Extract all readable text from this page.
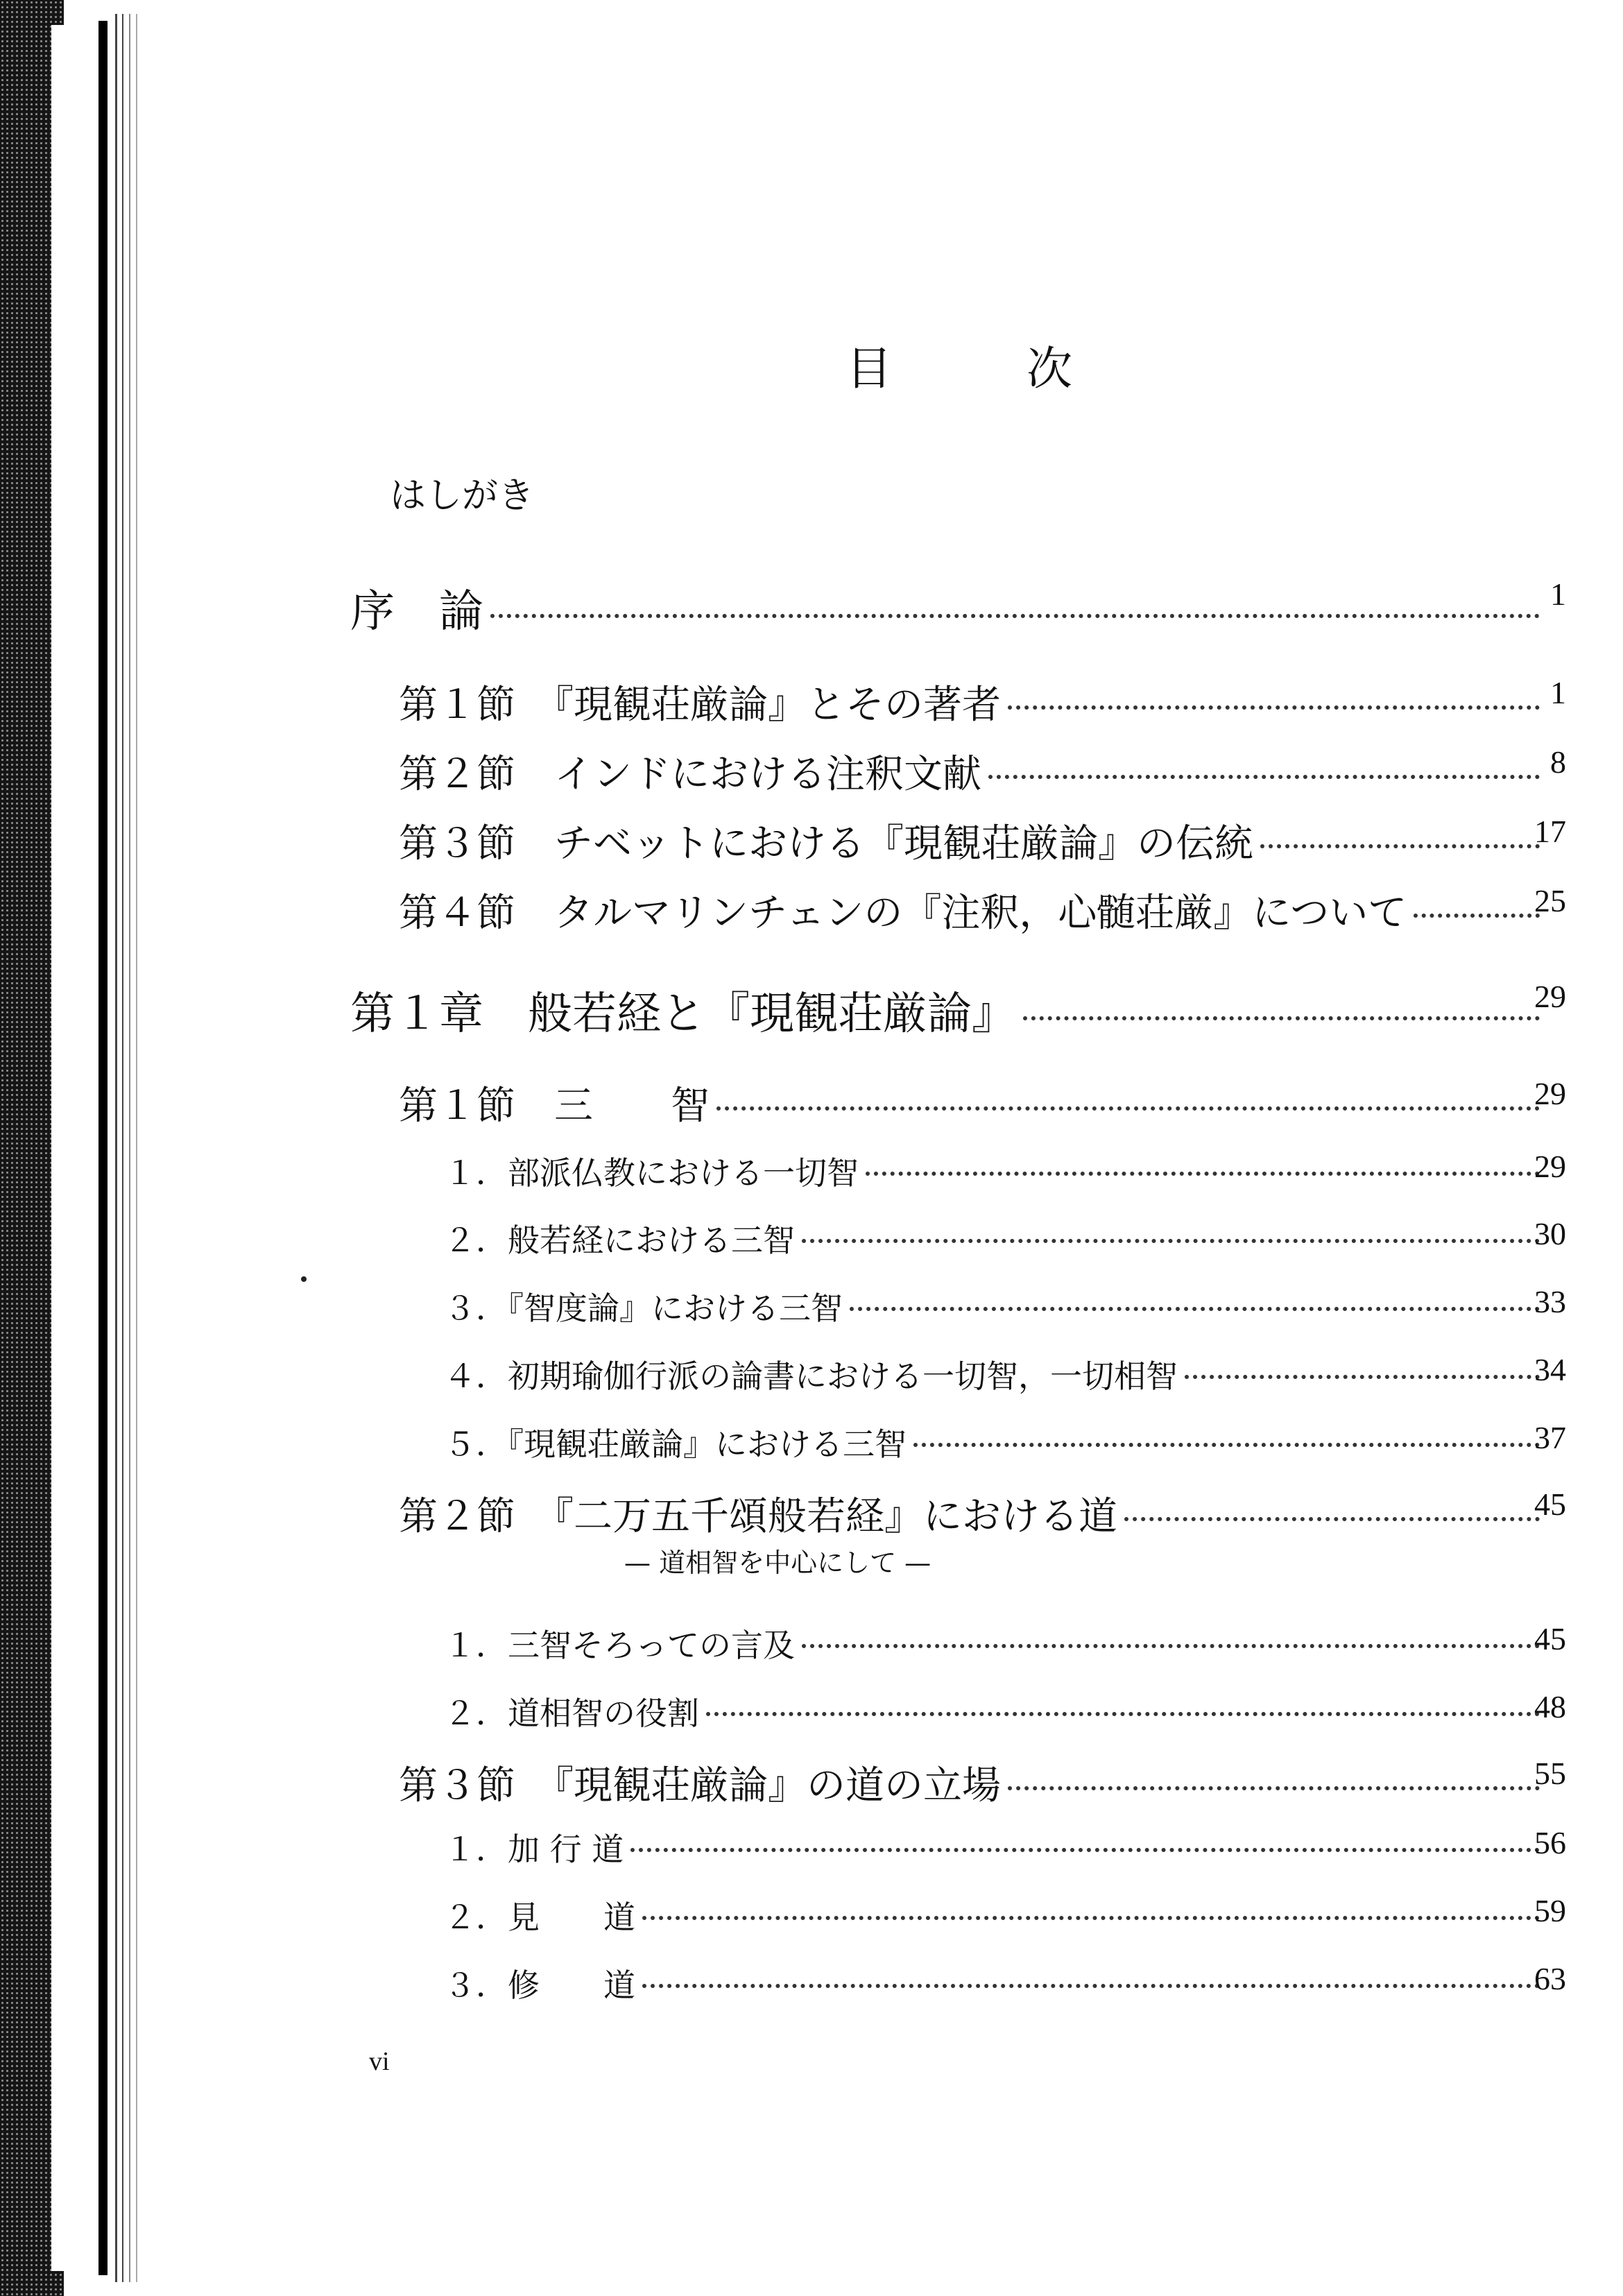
目	次
はしがき
序　論	1
第１節　『現観荘厳論』とその著者	1
第２節　インドにおける注釈文献	8
第３節　チベットにおける『現観荘厳論』の伝統	17
第４節　タルマリンチェンの『注釈，心髄荘厳』について	25
第１章　般若経と『現観荘厳論』	29
第１節　三　　智	29
１．部派仏教における一切智	29
２．般若経における三智	30
３．『智度論』における三智	33
４．初期瑜伽行派の論書における一切智，一切相智	34
５．『現観荘厳論』における三智	37
第２節　『二万五千頌般若経』における道	45
１．三智そろっての言及	45
２．道相智の役割	48
第３節　『現観荘厳論』の道の立場	55
１．加 行 道	56
２．見　　道	59
３．修　　道	63
— 道相智を中心にして —
vi
